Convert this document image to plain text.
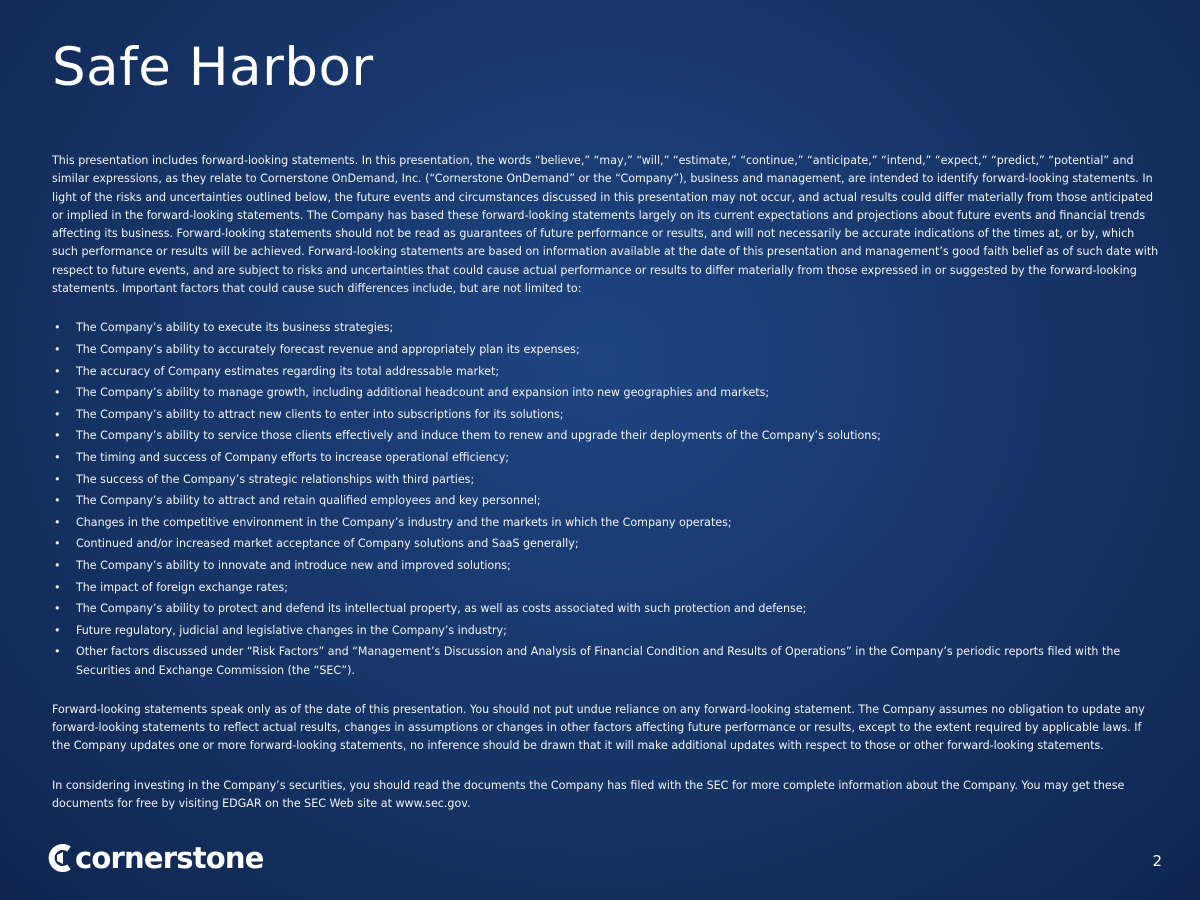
Safe Harbor

This presentation includes forward-looking statements. In this presentation, the words “believe,” “may,” “will,” “estimate,” “continue,” “anticipate,” “intend,” “expect,” “predict,” “potential” and similar expressions, as they relate to Cornerstone OnDemand, Inc. (“Cornerstone OnDemand” or the “Company”), business and management, are intended to identify forward-looking statements. In light of the risks and uncertainties outlined below, the future events and circumstances discussed in this presentation may not occur, and actual results could differ materially from those anticipated or implied in the forward-looking statements. The Company has based these forward-looking statements largely on its current expectations and projections about future events and financial trends affecting its business. Forward-looking statements should not be read as guarantees of future performance or results, and will not necessarily be accurate indications of the times at, or by, which such performance or results will be achieved. Forward-looking statements are based on information available at the date of this presentation and management’s good faith belief as of such date with respect to future events, and are subject to risks and uncertainties that could cause actual performance or results to differ materially from those expressed in or suggested by the forward-looking statements. Important factors that could cause such differences include, but are not limited to:

• The Company’s ability to execute its business strategies;
• The Company’s ability to accurately forecast revenue and appropriately plan its expenses;
• The accuracy of Company estimates regarding its total addressable market;
• The Company’s ability to manage growth, including additional headcount and expansion into new geographies and markets;
• The Company’s ability to attract new clients to enter into subscriptions for its solutions;
• The Company’s ability to service those clients effectively and induce them to renew and upgrade their deployments of the Company’s solutions;
• The timing and success of Company efforts to increase operational efficiency;
• The success of the Company’s strategic relationships with third parties;
• The Company’s ability to attract and retain qualified employees and key personnel;
• Changes in the competitive environment in the Company’s industry and the markets in which the Company operates;
• Continued and/or increased market acceptance of Company solutions and SaaS generally;
• The Company’s ability to innovate and introduce new and improved solutions;
• The impact of foreign exchange rates;
• The Company’s ability to protect and defend its intellectual property, as well as costs associated with such protection and defense;
• Future regulatory, judicial and legislative changes in the Company’s industry;
• Other factors discussed under “Risk Factors” and “Management’s Discussion and Analysis of Financial Condition and Results of Operations” in the Company’s periodic reports filed with the Securities and Exchange Commission (the “SEC”).

Forward-looking statements speak only as of the date of this presentation. You should not put undue reliance on any forward-looking statement. The Company assumes no obligation to update any forward-looking statements to reflect actual results, changes in assumptions or changes in other factors affecting future performance or results, except to the extent required by applicable laws. If the Company updates one or more forward-looking statements, no inference should be drawn that it will make additional updates with respect to those or other forward-looking statements.

In considering investing in the Company’s securities, you should read the documents the Company has filed with the SEC for more complete information about the Company. You may get these documents for free by visiting EDGAR on the SEC Web site at www.sec.gov.

cornerstone	2
